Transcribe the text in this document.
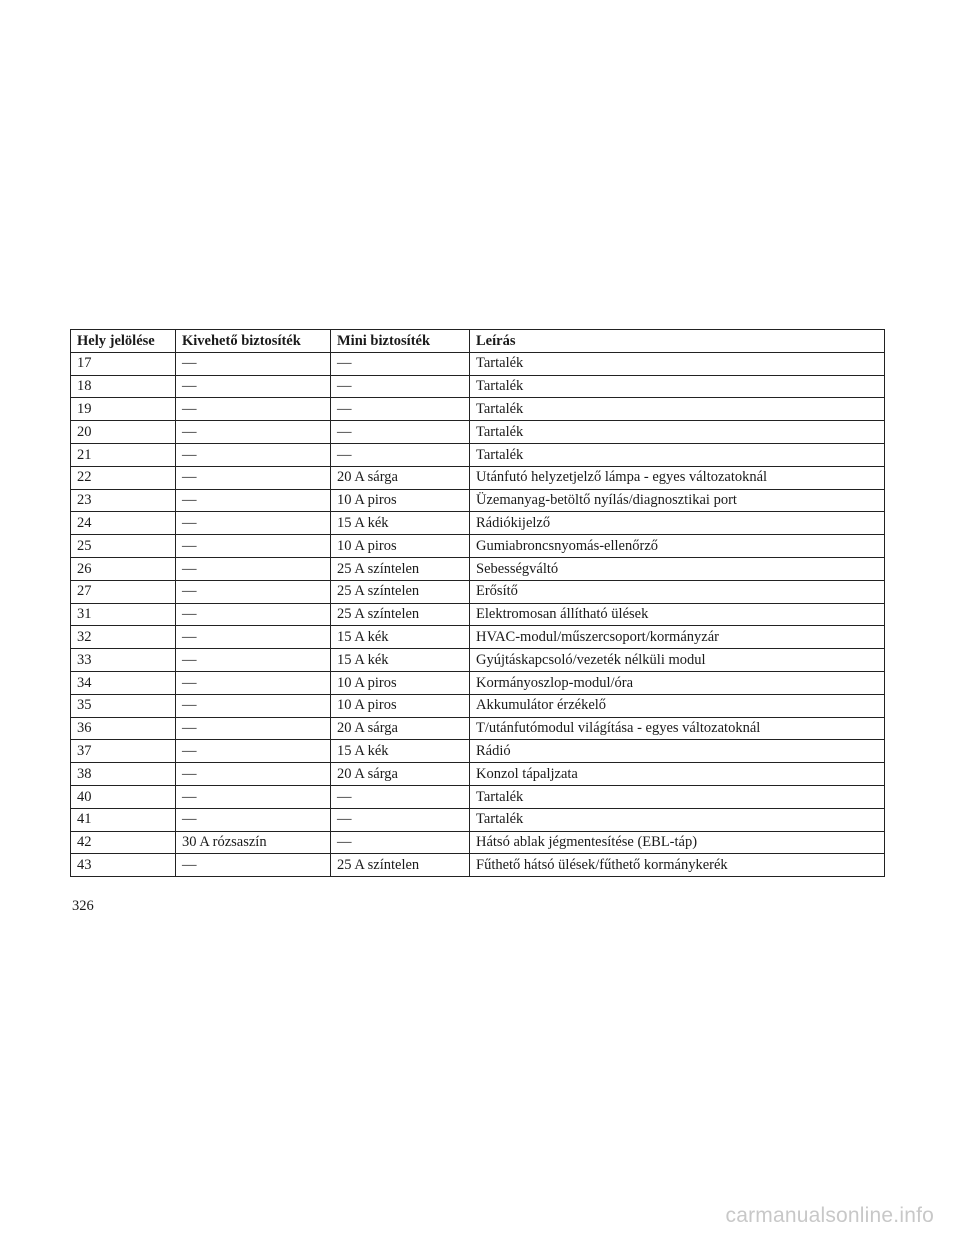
Hely jelölése	Kivehető biztosíték	Mini biztosíték	Leírás
17	—	—	Tartalék
18	—	—	Tartalék
19	—	—	Tartalék
20	—	—	Tartalék
21	—	—	Tartalék
22	—	20 A sárga	Utánfutó helyzetjelző lámpa - egyes változatoknál
23	—	10 A piros	Üzemanyag-betöltő nyílás/diagnosztikai port
24	—	15 A kék	Rádiókijelző
25	—	10 A piros	Gumiabroncsnyomás-ellenőrző
26	—	25 A színtelen	Sebességváltó
27	—	25 A színtelen	Erősítő
31	—	25 A színtelen	Elektromosan állítható ülések
32	—	15 A kék	HVAC-modul/műszercsoport/kormányzár
33	—	15 A kék	Gyújtáskapcsoló/vezeték nélküli modul
34	—	10 A piros	Kormányoszlop-modul/óra
35	—	10 A piros	Akkumulátor érzékelő
36	—	20 A sárga	T/utánfutómodul világítása - egyes változatoknál
37	—	15 A kék	Rádió
38	—	20 A sárga	Konzol tápaljzata
40	—	—	Tartalék
41	—	—	Tartalék
42	30 A rózsaszín	—	Hátsó ablak jégmentesítése (EBL-táp)
43	—	25 A színtelen	Fűthető hátsó ülések/fűthető kormánykerék
326
carmanualsonline.info
